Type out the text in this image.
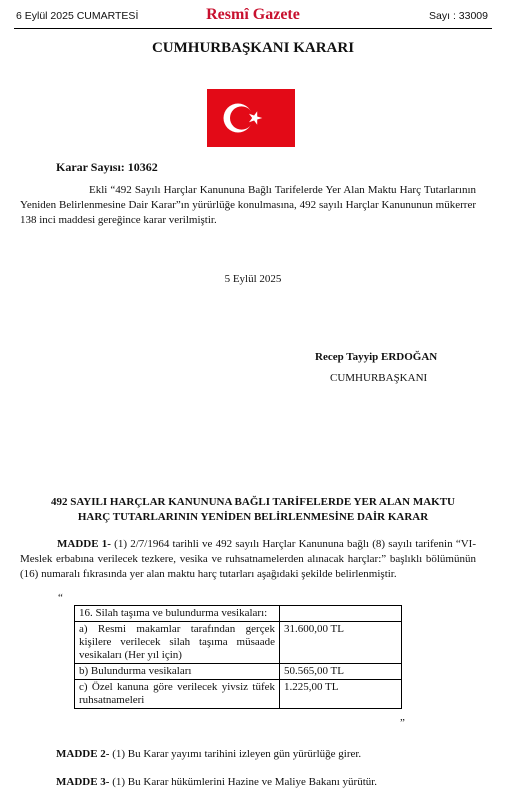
6 Eylül 2025 CUMARTESİ	Resmî Gazete	Sayı : 33009
CUMHURBAŞKANI KARARI
Karar Sayısı: 10362
Ekli “492 Sayılı Harçlar Kanununa Bağlı Tarifelerde Yer Alan Maktu Harç Tutarlarının Yeniden Belirlenmesine Dair Karar”ın yürürlüğe konulmasına, 492 sayılı Harçlar Kanununun mükerrer 138 inci maddesi gereğince karar verilmiştir.
5 Eylül 2025
Recep Tayyip ERDOĞAN
CUMHURBAŞKANI
492 SAYILI HARÇLAR KANUNUNA BAĞLI TARİFELERDE YER ALAN MAKTU
HARÇ TUTARLARININ YENİDEN BELİRLENMESİNE DAİR KARAR
MADDE 1- (1) 2/7/1964 tarihli ve 492 sayılı Harçlar Kanununa bağlı (8) sayılı tarifenin “VI- Meslek erbabına verilecek tezkere, vesika ve ruhsatnamelerden alınacak harçlar:” başlıklı bölümünün (16) numaralı fıkrasında yer alan maktu harç tutarları aşağıdaki şekilde belirlenmiştir.
“
16. Silah taşıma ve bulundurma vesikaları:	
a) Resmi makamlar tarafından gerçek kişilere verilecek silah taşıma müsaade vesikaları (Her yıl için)	31.600,00 TL
b) Bulundurma vesikaları	50.565,00 TL
c) Özel kanuna göre verilecek yivsiz tüfek ruhsatnameleri	1.225,00 TL
”
MADDE 2- (1) Bu Karar yayımı tarihini izleyen gün yürürlüğe girer.
MADDE 3- (1) Bu Karar hükümlerini Hazine ve Maliye Bakanı yürütür.
